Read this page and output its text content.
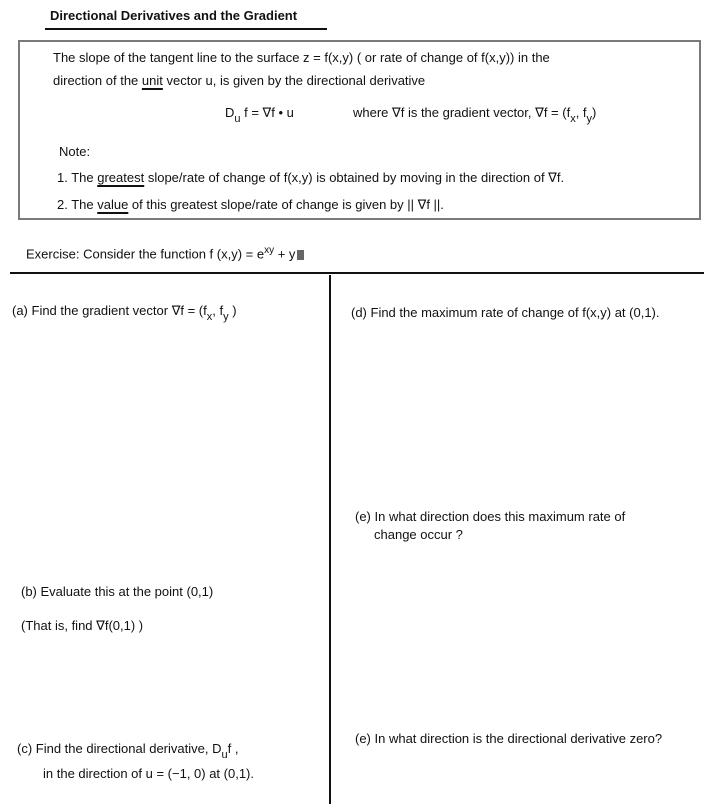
Directional Derivatives and the Gradient
The slope of the tangent line to the surface z = f(x,y) ( or rate of change of f(x,y)) in the
direction of the unit vector u, is given by the directional derivative
$D_u$ f = ∇f • u	where ∇f is the gradient vector, $\nabla f = (f_x$, $f_y$)
Note:
1. The greatest slope/rate of change of f(x,y) is obtained by moving in the direction of ∇f.
2. The value of this greatest slope/rate of change is given by || ∇f ||.
Exercise: Consider the function f $(x,y) = e^{xy} + y$
(a) Find the gradient vector $\nabla f = (f_x$, $f_y$ )
(b) Evaluate this at the point (0,1)
(That is, find ∇f(0,1) )
(c) Find the directional derivative, $D_uf$ ,
in the direction of u = (−1, 0) at (0,1).
(d) Find the maximum rate of change of f(x,y) at (0,1).
(e) In what direction does this maximum rate of
change occur ?
(e) In what direction is the directional derivative zero?
